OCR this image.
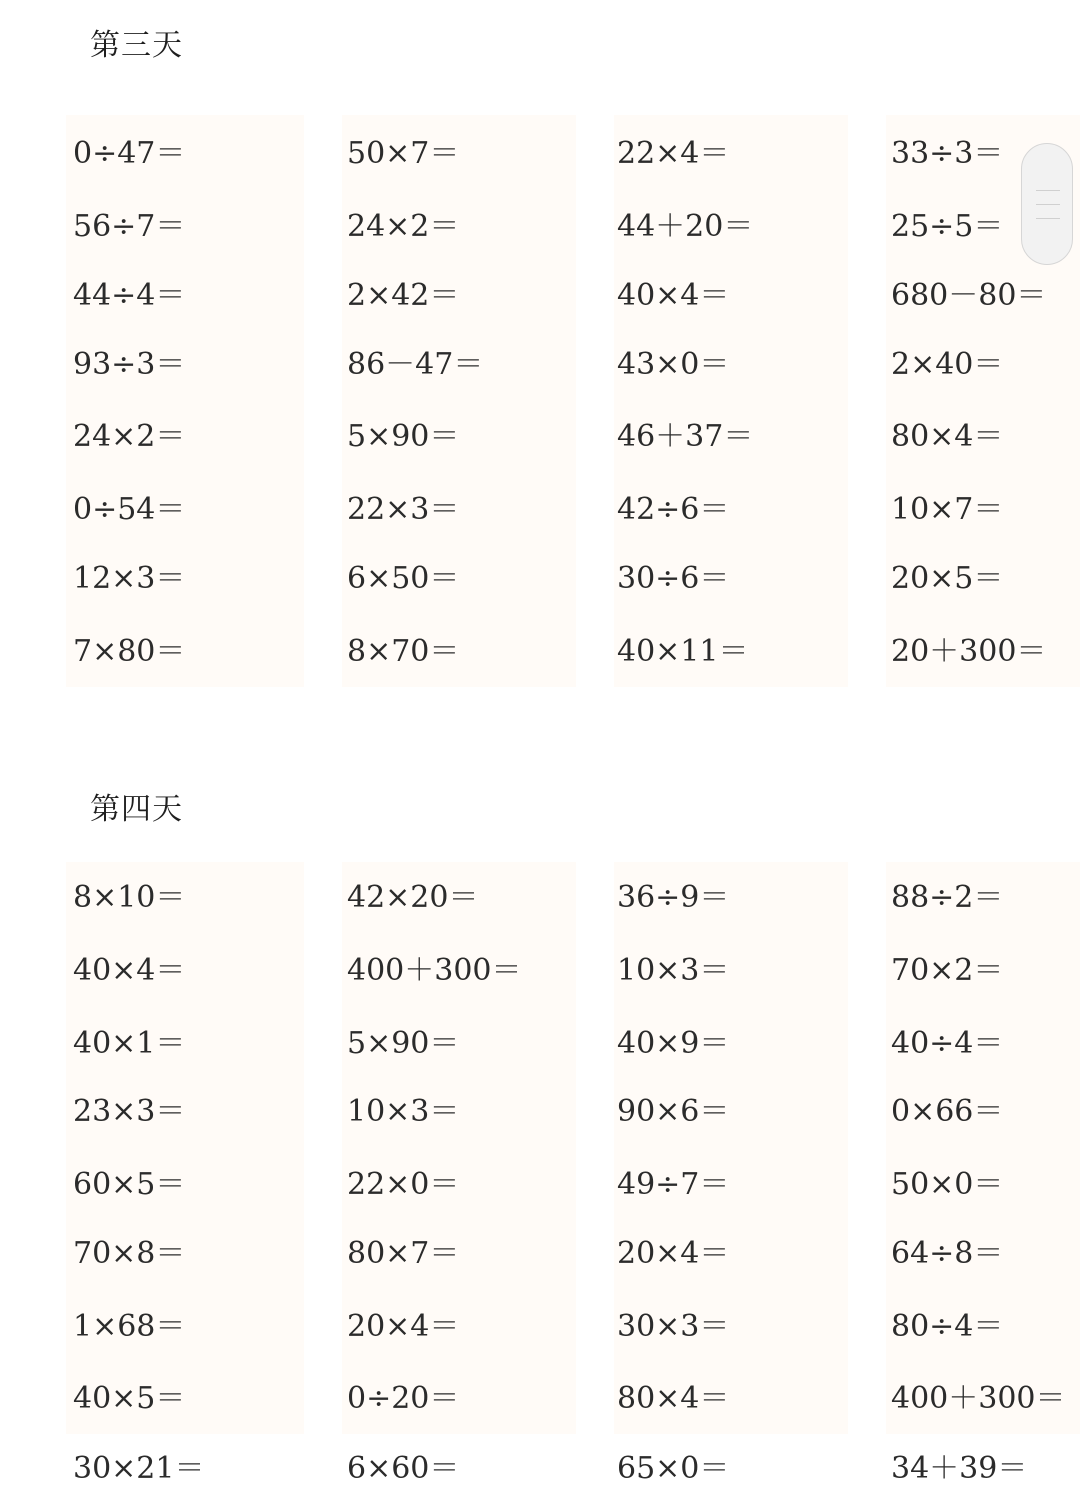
第三天
0÷47＝
56÷7＝
44÷4＝
93÷3＝
24×2＝
0÷54＝
12×3＝
7×80＝
50×7＝
24×2＝
2×42＝
86－47＝
5×90＝
22×3＝
6×50＝
8×70＝
22×4＝
44＋20＝
40×4＝
43×0＝
46＋37＝
42÷6＝
30÷6＝
40×11＝
33÷3＝
25÷5＝
680－80＝
2×40＝
80×4＝
10×7＝
20×5＝
20＋300＝
第四天
8×10＝
40×4＝
40×1＝
23×3＝
60×5＝
70×8＝
1×68＝
40×5＝
30×21＝
42×20＝
400＋300＝
5×90＝
10×3＝
22×0＝
80×7＝
20×4＝
0÷20＝
6×60＝
36÷9＝
10×3＝
40×9＝
90×6＝
49÷7＝
20×4＝
30×3＝
80×4＝
65×0＝
88÷2＝
70×2＝
40÷4＝
0×66＝
50×0＝
64÷8＝
80÷4＝
400＋300＝
34＋39＝
